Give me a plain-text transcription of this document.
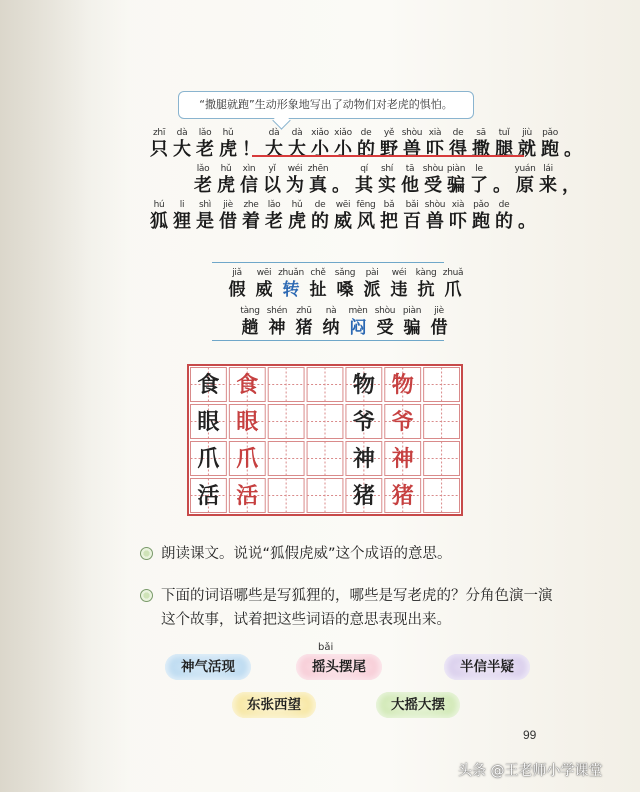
“撒腿就跑”生动形象地写出了动物们对老虎的惧怕。
zhī
只
dà
大
lǎo
老
hǔ
虎 ！
dà
大
dà
大
xiǎo
小
xiǎo
小
de
的
yě
野
shòu
兽
xià
吓
de
得
sā
撒
tuǐ
腿
jiù
就
pǎo
跑 。
lǎo
老
hǔ
虎
xìn
信
yǐ
以
wéi
为
zhēn
真 。
qí
其
shí
实
tā
他
shòu
受
piàn
骗
le
了 。
yuán
原
lái
来 ，
hú
狐
li
狸
shì
是
jiè
借
zhe
着
lǎo
老
hǔ
虎
de
的
wēi
威
fēng
风
bǎ
把
bǎi
百
shòu
兽
xià
吓
pǎo
跑
de
的 。
jiǎ
假
wēi
威
zhuǎn
转
chě
扯
sǎng
嗓
pài
派
wéi
违
kàng
抗
zhuǎ
爪
tàng
趟
shén
神
zhū
猪
nà
纳
mèn
闷
shòu
受
piàn
骗
jiè
借
食 食	物 物
眼 眼	爷 爷
爪 爪	神 神
活 活	猪 猪
朗读课文。说说“狐假虎威”这个成语的意思。
下面的词语哪些是写狐狸的，哪些是写老虎的？分角色演一演这个故事，试着把这些词语的意思表现出来。
bǎi
神气活现	摇头摆尾	半信半疑
东张西望	大摇大摆
99
头条 @王老师小学课堂
